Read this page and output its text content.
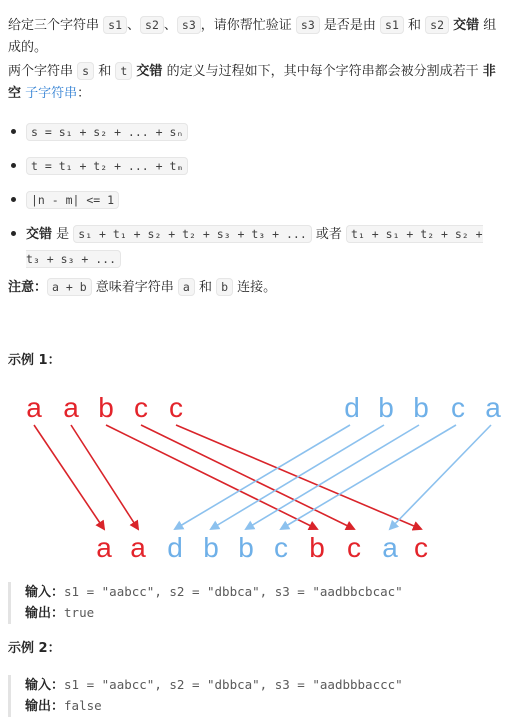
给定三个字符串 s1 、 s2 、 s3 ，请你帮忙验证 s3 是否是由 s1 和 s2 交错 组成的。
两个字符串 s 和 t 交错 的定义与过程如下，其中每个字符串都会被分割成若干 非空 子字符串：
s = s₁ + s₂ + ... + sₙ
t = t₁ + t₂ + ... + tₘ
|n - m| <= 1
交错 是 s₁ + t₁ + s₂ + t₂ + s₃ + t₃ + ... 或者 t₁ + s₁ + t₂ + s₂ + t₃ + s₃ + ...
注意： a + b 意味着字符串 a 和 b 连接。
示例 1：
a a b c c	d b b c a
a a d b b c b c a c
输入：s1 = "aabcc", s2 = "dbbca", s3 = "aadbbcbcac"
输出：true
示例 2：
输入：s1 = "aabcc", s2 = "dbbca", s3 = "aadbbbaccc"
输出：false
